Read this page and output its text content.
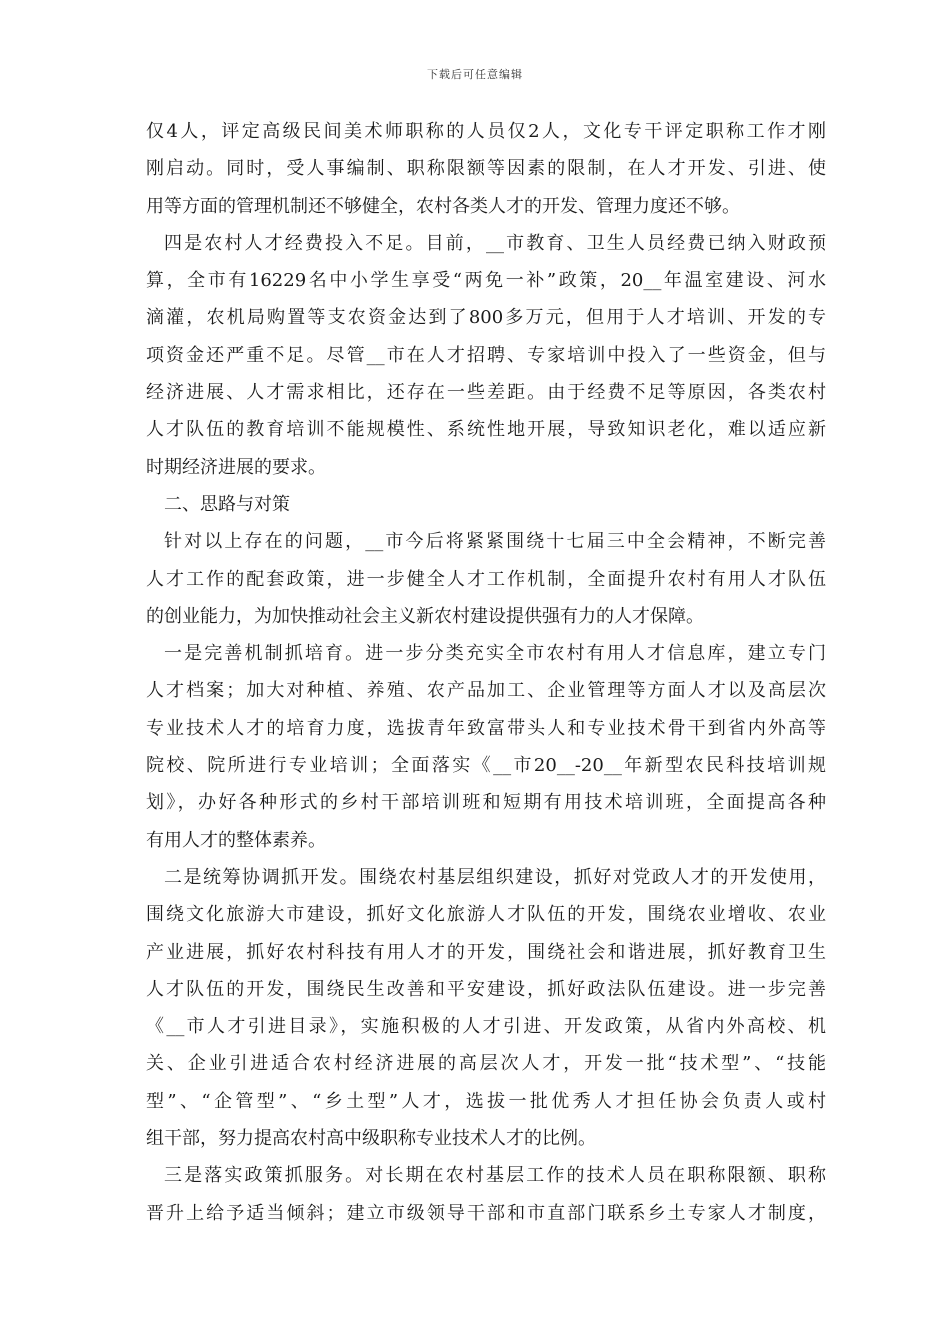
下载后可任意编辑
仅4人，评定高级民间美术师职称的人员仅2人，文化专干评定职称工作才刚
刚启动。同时，受人事编制、职称限额等因素的限制，在人才开发、引进、使
用等方面的管理机制还不够健全，农村各类人才的开发、管理力度还不够。
四是农村人才经费投入不足。目前，__市教育、卫生人员经费已纳入财政预
算，全市有16229名中小学生享受“两免一补”政策，20__年温室建设、河水
滴灌，农机局购置等支农资金达到了800多万元，但用于人才培训、开发的专
项资金还严重不足。尽管__市在人才招聘、专家培训中投入了一些资金，但与
经济进展、人才需求相比，还存在一些差距。由于经费不足等原因，各类农村
人才队伍的教育培训不能规模性、系统性地开展，导致知识老化，难以适应新
时期经济进展的要求。
二、思路与对策
针对以上存在的问题，__市今后将紧紧围绕十七届三中全会精神，不断完善
人才工作的配套政策，进一步健全人才工作机制，全面提升农村有用人才队伍
的创业能力，为加快推动社会主义新农村建设提供强有力的人才保障。
一是完善机制抓培育。进一步分类充实全市农村有用人才信息库，建立专门
人才档案；加大对种植、养殖、农产品加工、企业管理等方面人才以及高层次
专业技术人才的培育力度，选拔青年致富带头人和专业技术骨干到省内外高等
院校、院所进行专业培训；全面落实《__市20__-20__年新型农民科技培训规
划》，办好各种形式的乡村干部培训班和短期有用技术培训班，全面提高各种
有用人才的整体素养。
二是统筹协调抓开发。围绕农村基层组织建设，抓好对党政人才的开发使用，
围绕文化旅游大市建设，抓好文化旅游人才队伍的开发，围绕农业增收、农业
产业进展，抓好农村科技有用人才的开发，围绕社会和谐进展，抓好教育卫生
人才队伍的开发，围绕民生改善和平安建设，抓好政法队伍建设。进一步完善
《__市人才引进目录》，实施积极的人才引进、开发政策，从省内外高校、机
关、企业引进适合农村经济进展的高层次人才，开发一批“技术型”、“技能
型”、“企管型”、“乡土型”人才，选拔一批优秀人才担任协会负责人或村
组干部，努力提高农村高中级职称专业技术人才的比例。
三是落实政策抓服务。对长期在农村基层工作的技术人员在职称限额、职称
晋升上给予适当倾斜；建立市级领导干部和市直部门联系乡土专家人才制度，
